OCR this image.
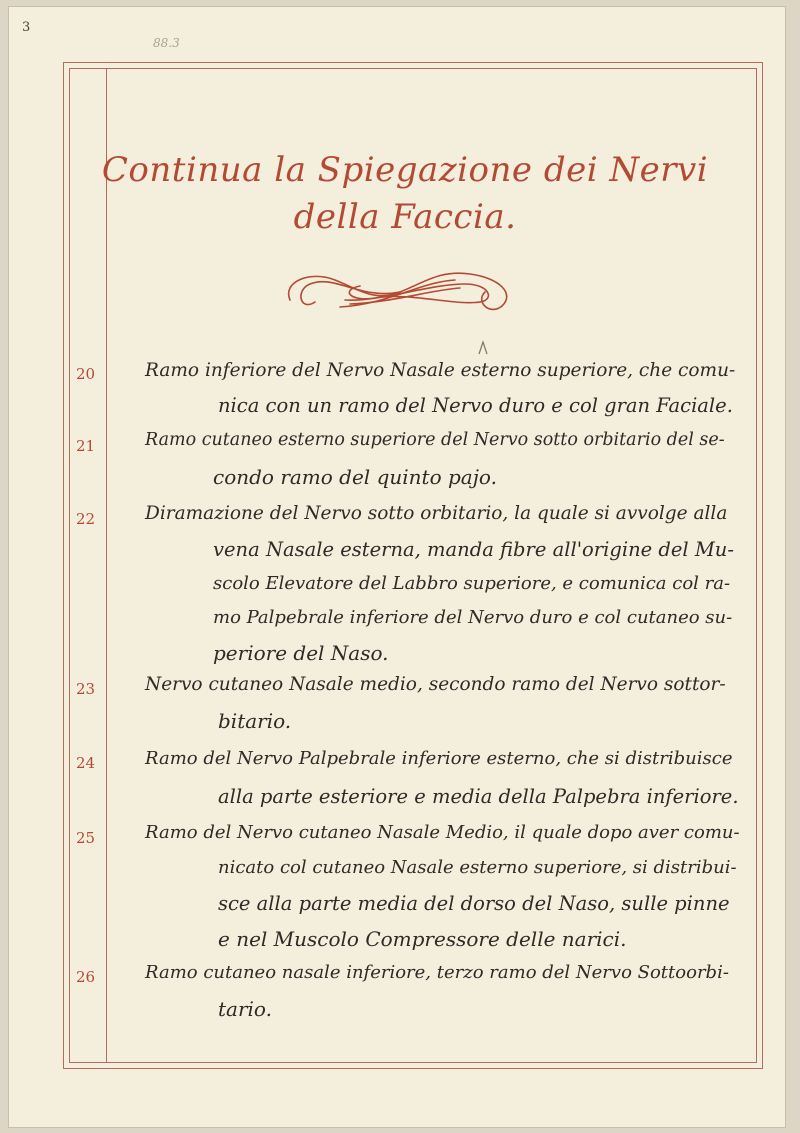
3
88.3
Continua la Spiegazione dei Nervi
della Faccia.
20	Ramo inferiore del Nervo Nasale esterno superiore, che comu-
nica con un ramo del Nervo duro e col gran Faciale.
21	Ramo cutaneo esterno superiore del Nervo sotto orbitario del se-
condo ramo del quinto pajo.
22	Diramazione del Nervo sotto orbitario, la quale si avvolge alla
vena Nasale esterna, manda fibre all'origine del Mu-
scolo Elevatore del Labbro superiore, e comunica col ra-
mo Palpebrale inferiore del Nervo duro e col cutaneo su-
periore del Naso.
23	Nervo cutaneo Nasale medio, secondo ramo del Nervo sottor-
bitario.
24	Ramo del Nervo Palpebrale inferiore esterno, che si distribuisce
alla parte esteriore e media della Palpebra inferiore.
25	Ramo del Nervo cutaneo Nasale Medio, il quale dopo aver comu-
nicato col cutaneo Nasale esterno superiore, si distribui-
sce alla parte media del dorso del Naso, sulle pinne
e nel Muscolo Compressore delle narici.
26	Ramo cutaneo nasale inferiore, terzo ramo del Nervo Sottoorbi-
tario.
